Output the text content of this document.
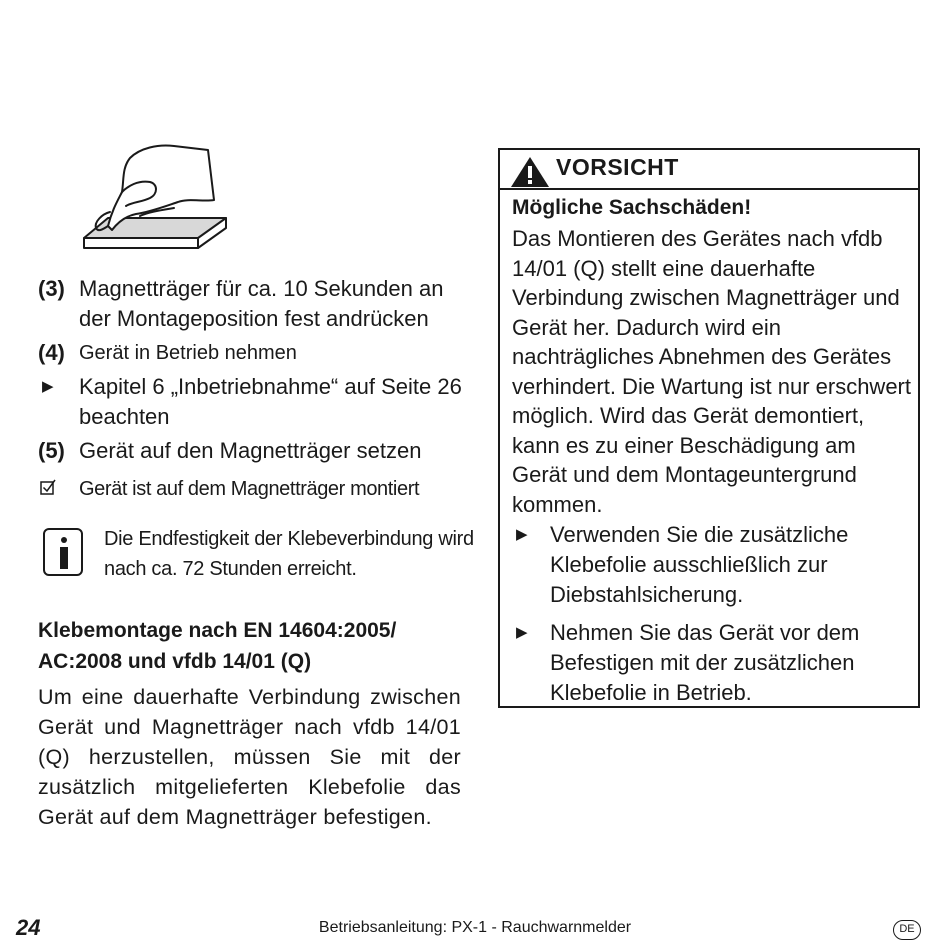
(3) Magnetträger für ca. 10 Sekunden an der Montageposition fest andrücken
(4) Gerät in Betrieb nehmen
▶ Kapitel 6 „Inbetriebnahme“ auf Seite 26 beachten
(5) Gerät auf den Magnetträger setzen
Gerät ist auf dem Magnetträger montiert
Die Endfestigkeit der Klebeverbindung wird nach ca. 72 Stunden erreicht.
Klebemontage nach EN 14604:2005/
AC:2008 und vfdb 14/01 (Q)
Um eine dauerhafte Verbindung zwischen Gerät und Magnetträger nach vfdb 14/01 (Q) herzustellen, müssen Sie mit der zusätzlich mitgelieferten Klebefolie das Gerät auf dem Magnetträger befestigen.
VORSICHT
Mögliche Sachschäden!
Das Montieren des Gerätes nach vfdb 14/01 (Q) stellt eine dauerhafte Verbindung zwischen Magnetträger und Gerät her. Dadurch wird ein nachträgliches Abnehmen des Gerätes verhindert. Die Wartung ist nur erschwert möglich. Wird das Gerät demontiert, kann es zu einer Beschädigung am Gerät und dem Montageuntergrund kommen.
▶ Verwenden Sie die zusätzliche Klebefolie ausschließlich zur Diebstahlsicherung.
▶ Nehmen Sie das Gerät vor dem Befestigen mit der zusätzlichen Klebefolie in Betrieb.
24	Betriebsanleitung: PX-1 - Rauchwarnmelder	DE
